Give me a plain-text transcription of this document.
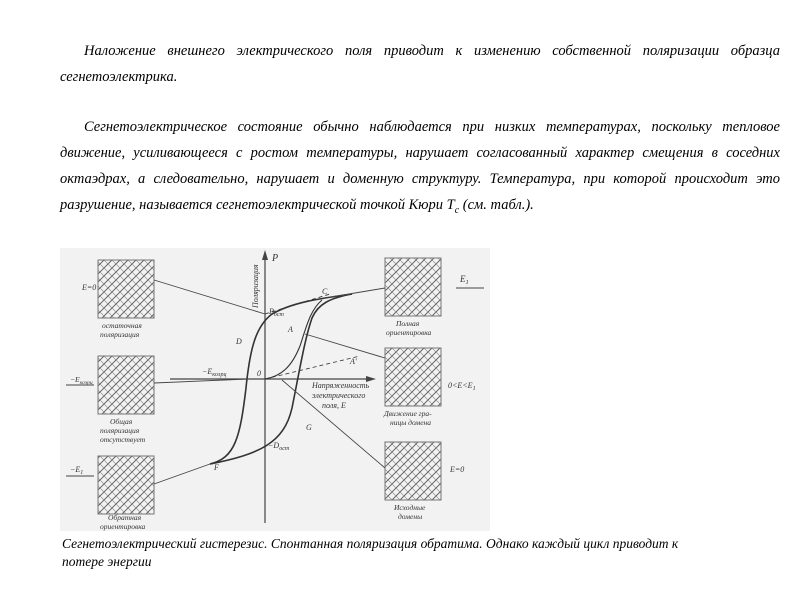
Наложение внешнего электрического поля приводит к изменению собственной поляризации образца сегнетоэлектрика.

Сегнетоэлектрическое состояние обычно наблюдается при низких температурах, поскольку тепловое движение, усиливающееся с ростом температуры, нарушает согласованный характер смещения в соседних октаэдрах, а следовательно, нарушает и доменную структуру. Температура, при которой происходит это разрушение, называется сегнетоэлектрической точкой Кюри $T_c$ (см. табл.).

P
Поляризация
Напряженность
электрического
поля, E
C
A
A'
D
0
F
G
$P_{ост}$
$-D_{ост}$
$-E_{коэрц}$
E=0
остаточная
поляризация
$-E_{коэрц}$
Общая
поляризация
отсутствует
$-E_1$
Обратная
ориентировка
$E_1$
Полная
ориентировка
$0<E<E_1$
Движение гра-
ницы домена
E=0
Исходные
домены

Сегнетоэлектрический гистерезис. Спонтанная поляризация обратима. Однако каждый цикл приводит к потере энергии
